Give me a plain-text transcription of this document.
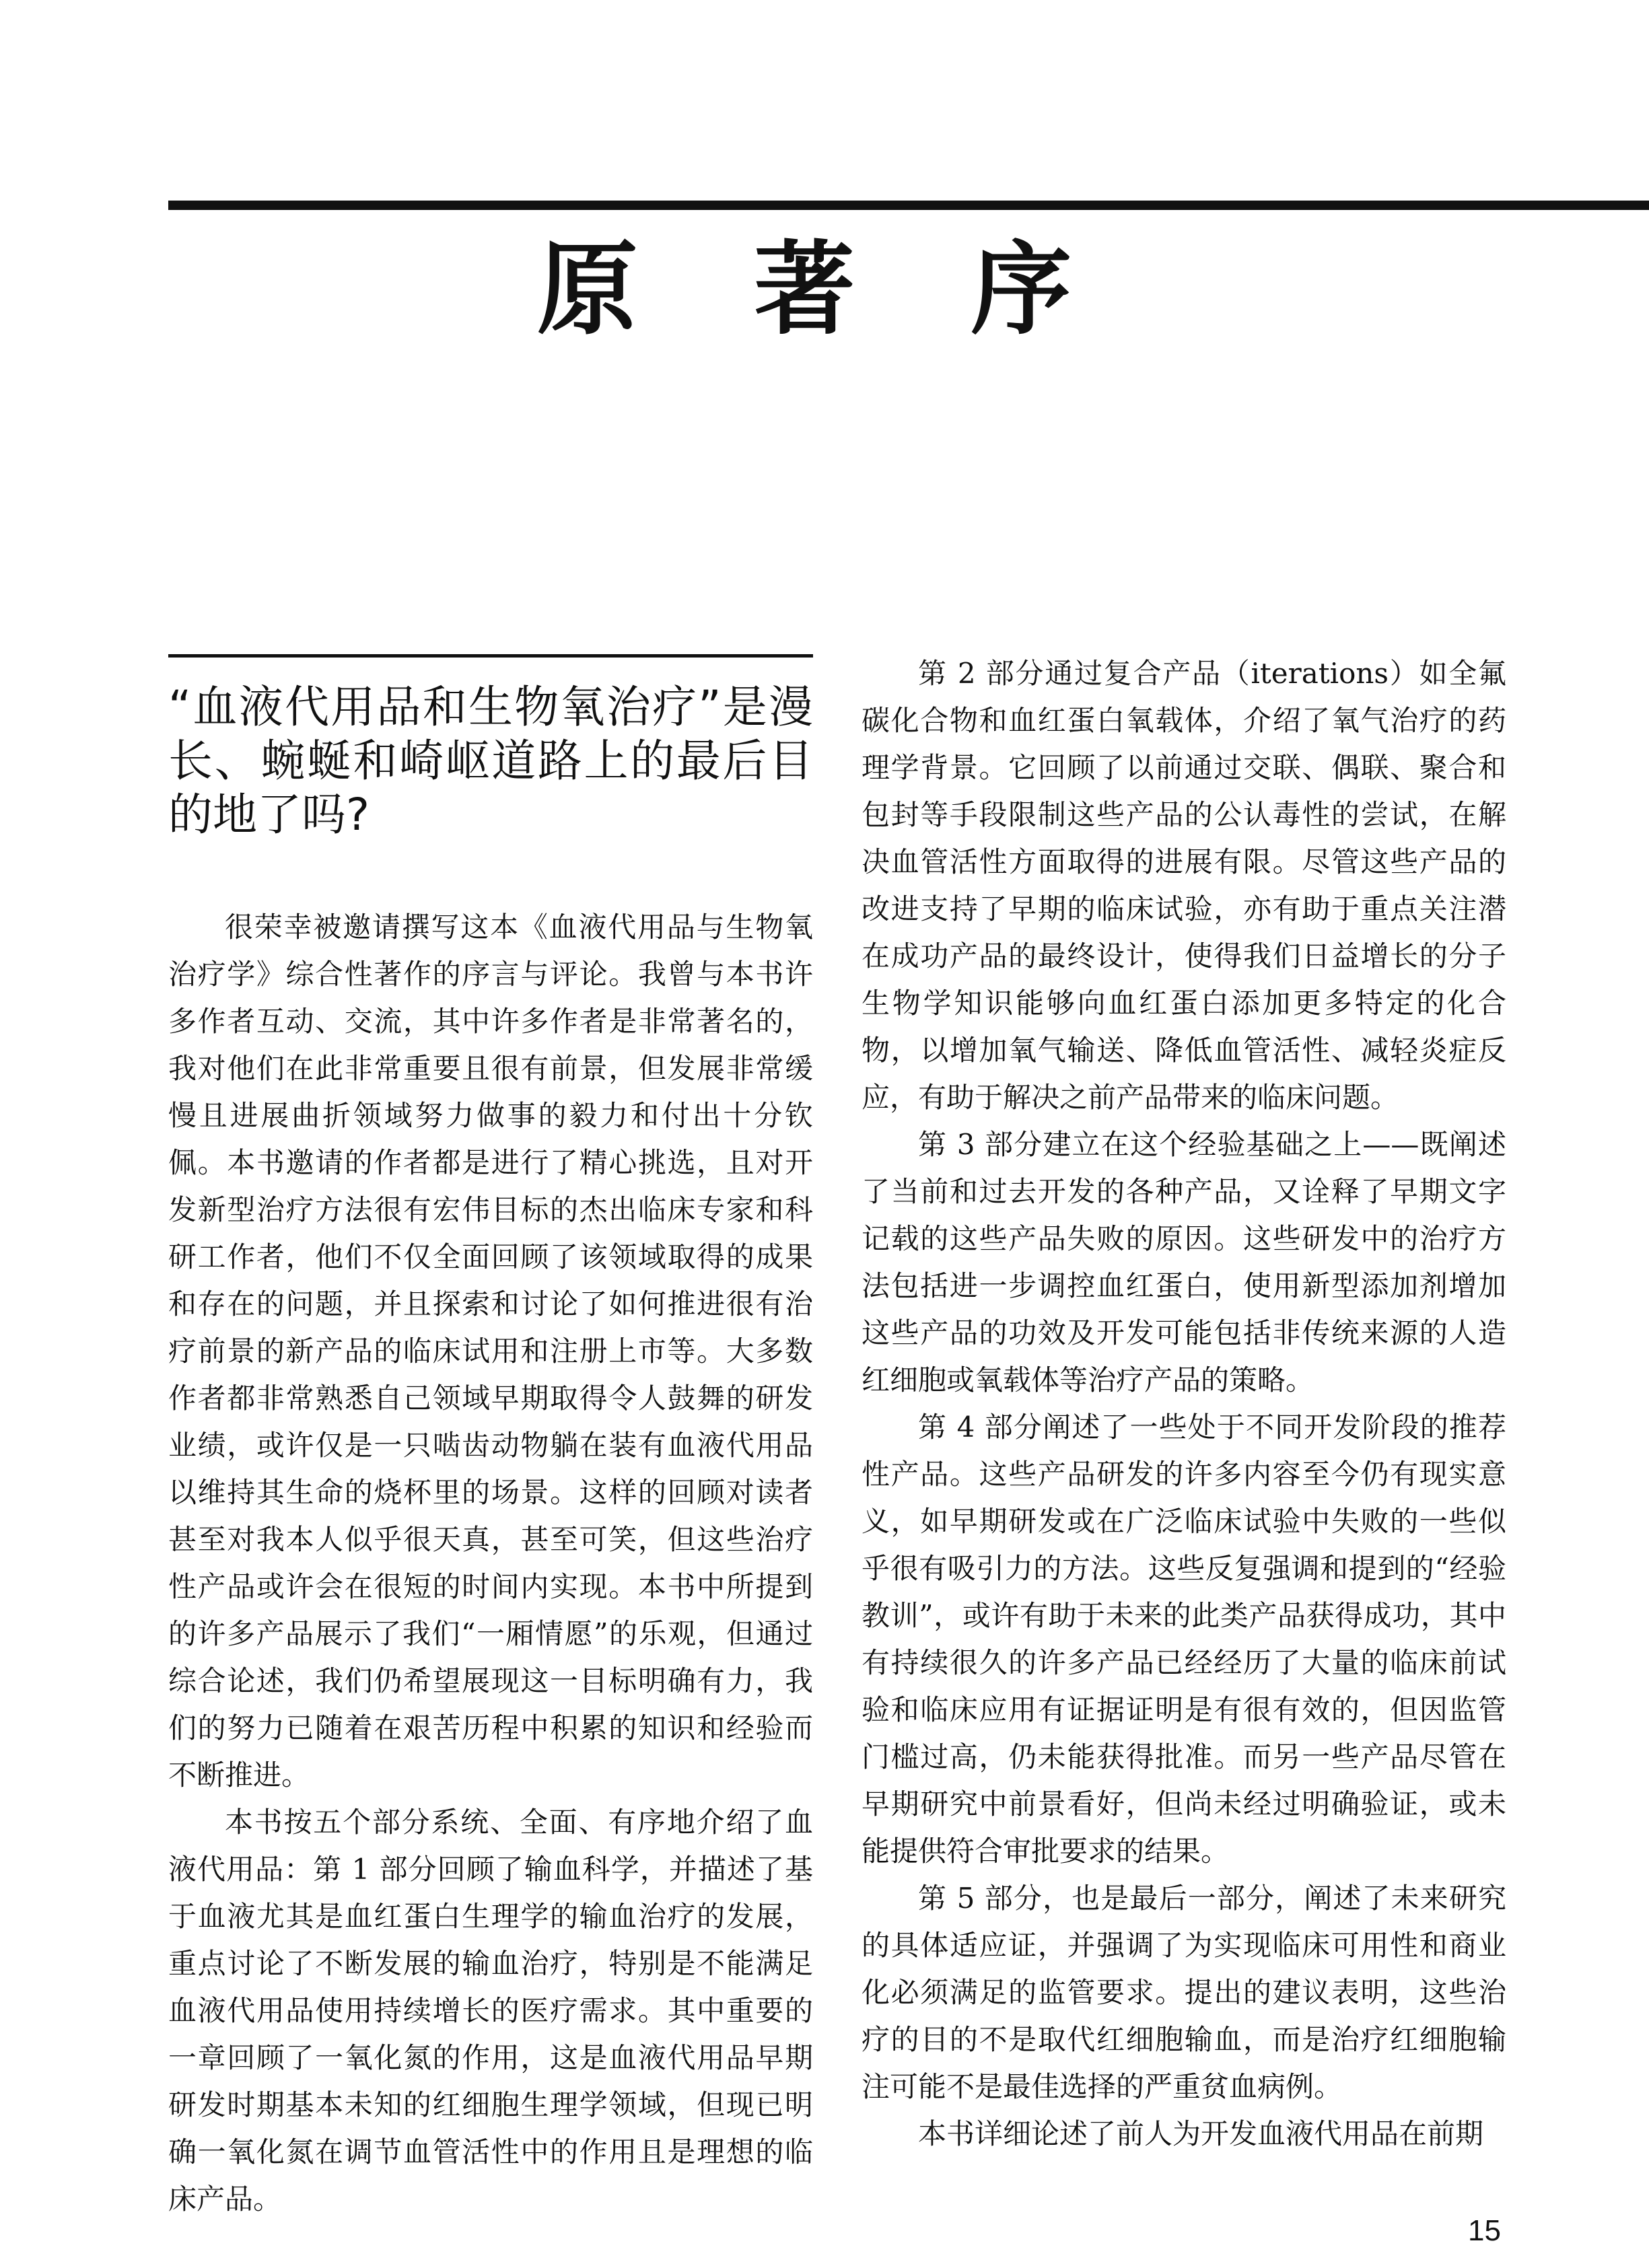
原 著 序
“血液代用品和生物氧治疗”是漫长、蜿蜒和崎岖道路上的最后目的地了吗?

很荣幸被邀请撰写这本《血液代用品与生物氧治疗学》综合性著作的序言与评论。我曾与本书许多作者互动、交流，其中许多作者是非常著名的，我对他们在此非常重要且很有前景，但发展非常缓慢且进展曲折领域努力做事的毅力和付出十分钦佩。本书邀请的作者都是进行了精心挑选，且对开发新型治疗方法很有宏伟目标的杰出临床专家和科研工作者，他们不仅全面回顾了该领域取得的成果和存在的问题，并且探索和讨论了如何推进很有治疗前景的新产品的临床试用和注册上市等。大多数作者都非常熟悉自己领域早期取得令人鼓舞的研发业绩，或许仅是一只啮齿动物躺在装有血液代用品以维持其生命的烧杯里的场景。这样的回顾对读者甚至对我本人似乎很天真，甚至可笑，但这些治疗性产品或许会在很短的时间内实现。本书中所提到的许多产品展示了我们“一厢情愿”的乐观，但通过综合论述，我们仍希望展现这一目标明确有力，我们的努力已随着在艰苦历程中积累的知识和经验而不断推进。

本书按五个部分系统、全面、有序地介绍了血液代用品：第 1 部分回顾了输血科学，并描述了基于血液尤其是血红蛋白生理学的输血治疗的发展，重点讨论了不断发展的输血治疗，特别是不能满足血液代用品使用持续增长的医疗需求。其中重要的一章回顾了一氧化氮的作用，这是血液代用品早期研发时期基本未知的红细胞生理学领域，但现已明确一氧化氮在调节血管活性中的作用且是理想的临床产品。

第 2 部分通过复合产品（iterations）如全氟碳化合物和血红蛋白氧载体，介绍了氧气治疗的药理学背景。它回顾了以前通过交联、偶联、聚合和包封等手段限制这些产品的公认毒性的尝试，在解决血管活性方面取得的进展有限。尽管这些产品的改进支持了早期的临床试验，亦有助于重点关注潜在成功产品的最终设计，使得我们日益增长的分子生物学知识能够向血红蛋白添加更多特定的化合物，以增加氧气输送、降低血管活性、减轻炎症反应，有助于解决之前产品带来的临床问题。

第 3 部分建立在这个经验基础之上——既阐述了当前和过去开发的各种产品，又诠释了早期文字记载的这些产品失败的原因。这些研发中的治疗方法包括进一步调控血红蛋白，使用新型添加剂增加这些产品的功效及开发可能包括非传统来源的人造红细胞或氧载体等治疗产品的策略。

第 4 部分阐述了一些处于不同开发阶段的推荐性产品。这些产品研发的许多内容至今仍有现实意义，如早期研发或在广泛临床试验中失败的一些似乎很有吸引力的方法。这些反复强调和提到的“经验教训”，或许有助于未来的此类产品获得成功，其中有持续很久的许多产品已经经历了大量的临床前试验和临床应用有证据证明是有很有效的，但因监管门槛过高，仍未能获得批准。而另一些产品尽管在早期研究中前景看好，但尚未经过明确验证，或未能提供符合审批要求的结果。

第 5 部分，也是最后一部分，阐述了未来研究的具体适应证，并强调了为实现临床可用性和商业化必须满足的监管要求。提出的建议表明，这些治疗的目的不是取代红细胞输血，而是治疗红细胞输注可能不是最佳选择的严重贫血病例。

本书详细论述了前人为开发血液代用品在前期

15
